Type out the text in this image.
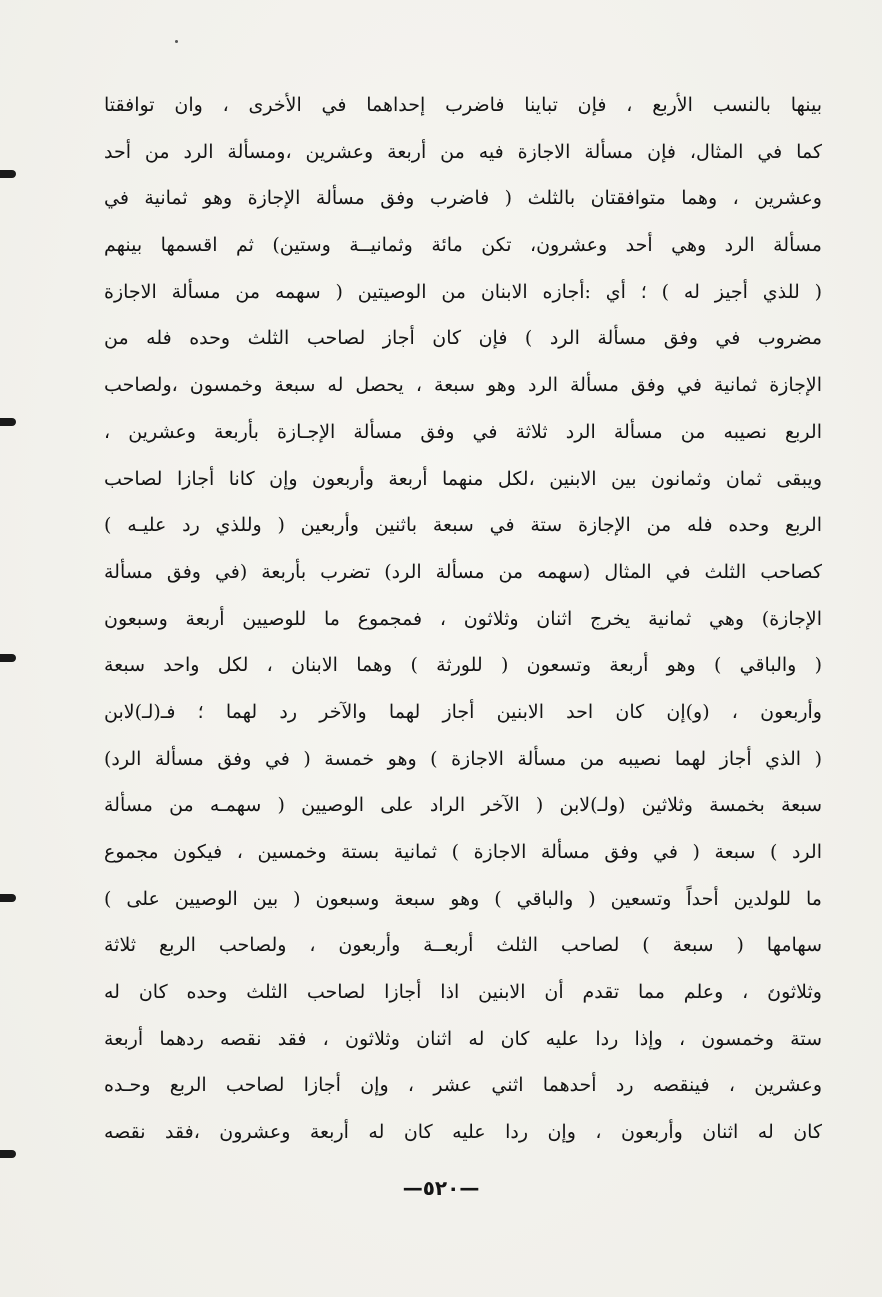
بينها بالنسب الأربع ، فإن تباينا فاضرب إحداهما في الأخرى ، وان توافقتا
كما في المثال، فإن مسألة الاجازة فيه من أربعة وعشرين ،ومسألة الرد من أحد
وعشرين ، وهما متوافقتان بالثلث ( فاضرب وفق مسألة الإجازة وهو ثمانية في
مسألة الرد وهي أحد وعشرون، تكن مائة وثمانيــة وستين) ثم اقسمها بينهم
( للذي أجيز له ) ؛ أي :أجازه الابنان من الوصيتين ( سهمه من مسألة الاجازة
مضروب في وفق مسألة الرد ) فإن كان أجاز لصاحب الثلث وحده فله من
الإجازة ثمانية في وفق مسألة الرد وهو سبعة ، يحصل له سبعة وخمسون ،ولصاحب
الربع نصيبه من مسألة الرد ثلاثة في وفق مسألة الإجـازة بأربعة وعشرين ،
ويبقى ثمان وثمانون بين الابنين ،لكل منهما أربعة وأربعون وإن كانا أجازا لصاحب
الربع وحده فله من الإجازة ستة في سبعة باثنين وأربعين ( وللذي رد عليـه )
كصاحب الثلث في المثال (سهمه من مسألة الرد) تضرب بأربعة (في وفق مسألة
الإجازة) وهي ثمانية يخرج اثنان وثلاثون ، فمجموع ما للوصيين أربعة وسبعون
( والباقي ) وهو أربعة وتسعون ( للورثة ) وهما الابنان ، لكل واحد سبعة
وأربعون ، (و)إن كان احد الابنين أجاز لهما والآخر رد لهما ؛ فـ(لـ)لابن
( الذي أجاز لهما نصيبه من مسألة الاجازة ) وهو خمسة ( في وفق مسألة الرد)
سبعة بخمسة وثلاثين (ولـ)لابن ( الآخر الراد على الوصيين ( سهمـه من مسألة
الرد ) سبعة ( في وفق مسألة الاجازة ) ثمانية بستة وخمسين ، فيكون مجموع
ما للولدين أحداً وتسعين ( والباقي ) وهو سبعة وسبعون ( بين الوصيين على )
سهامها ( سبعة ) لصاحب الثلث أربعــة وأربعون ، ولصاحب الربع ثلاثة
وثلاثون ، وعلم مما تقدم أن الابنين اذا أجازا لصاحب الثلث وحده كان له
ستة وخمسون ، وإذا ردا عليه كان له اثنان وثلاثون ، فقد نقصه ردهما أربعة
وعشرين ، فينقصه رد أحدهما اثني عشر ، وإن أجازا لصاحب الربع وحـده
كان له اثنان وأربعون ، وإن ردا عليه كان له أربعة وعشرون ،فقد نقصه
—٥٢٠—
